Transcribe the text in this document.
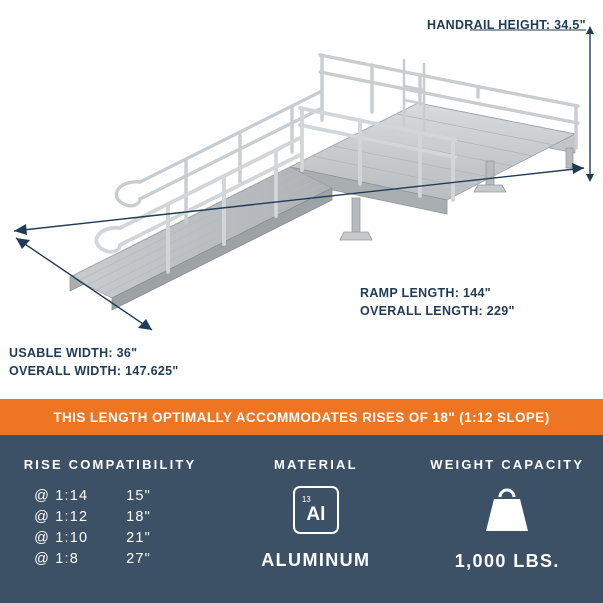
HANDRAIL HEIGHT: 34.5"
RAMP LENGTH: 144"
OVERALL LENGTH: 229"
USABLE WIDTH: 36"
OVERALL WIDTH: 147.625"
THIS LENGTH OPTIMALLY ACCOMMODATES RISES OF 18" (1:12 SLOPE)
RISE COMPATIBILITY
@ 1:14	15"
@ 1:12	18"
@ 1:10	21"
@ 1:8	27"
MATERIAL
13
Al
ALUMINUM
WEIGHT CAPACITY
1,000 LBS.
